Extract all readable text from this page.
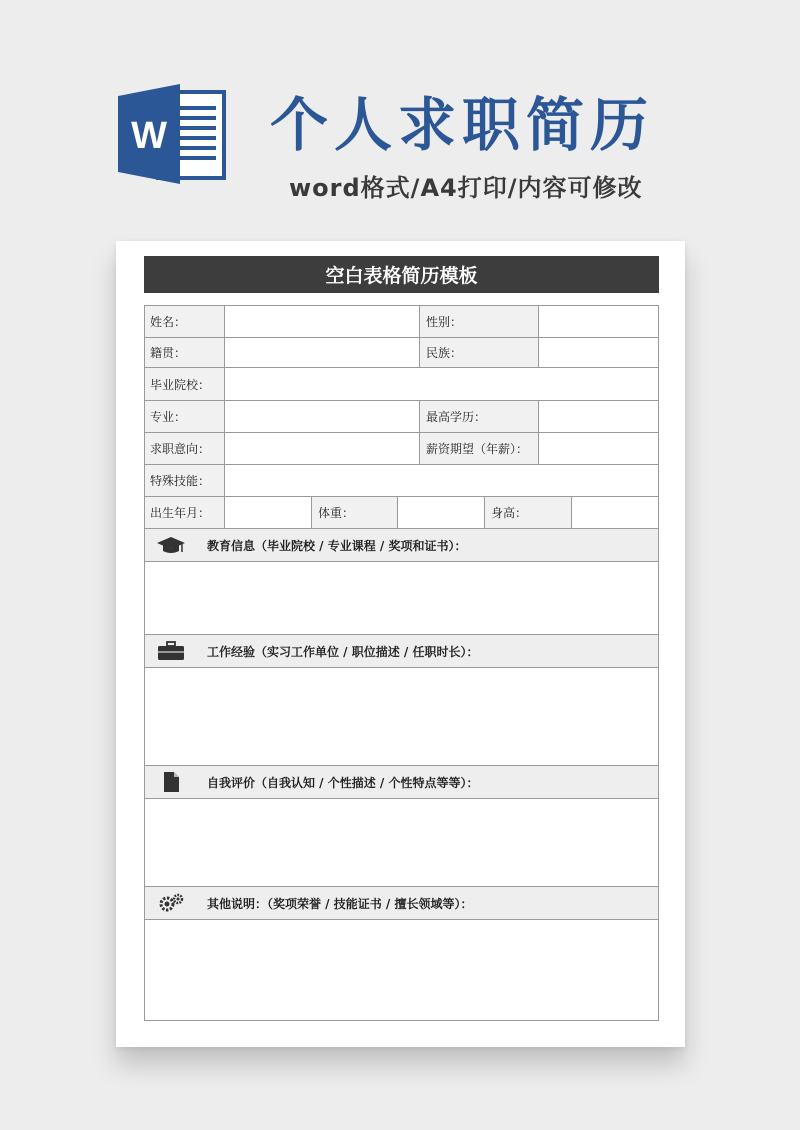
W 个人求职简历
word格式/A4打印/内容可修改
空白表格简历模板
姓名：	性别：
籍贯：	民族：
毕业院校：
专业：	最高学历：
求职意向：	薪资期望（年薪）：
特殊技能：
出生年月：	体重：	身高：
教育信息（毕业院校 / 专业课程 / 奖项和证书）：
工作经验（实习工作单位 / 职位描述 / 任职时长）：
自我评价（自我认知 / 个性描述 / 个性特点等等）：
其他说明：（奖项荣誉 / 技能证书 / 擅长领域等）：
